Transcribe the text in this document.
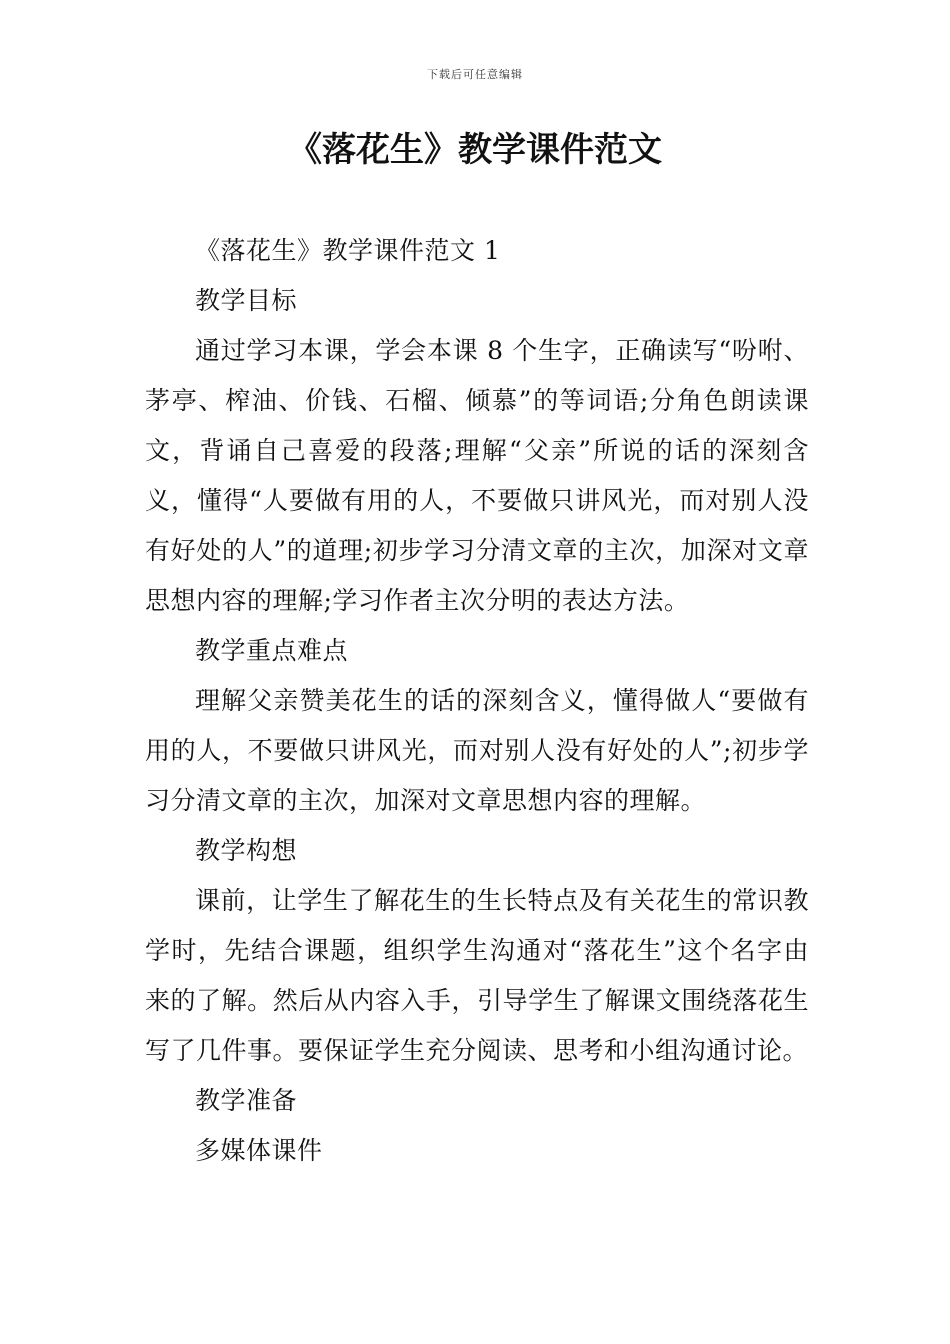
下载后可任意编辑
《落花生》教学课件范文

《落花生》教学课件范文 1

教学目标

通过学习本课，学会本课 8 个生字，正确读写“吩咐、茅亭、榨油、价钱、石榴、倾慕”的等词语;分角色朗读课文，背诵自己喜爱的段落;理解“父亲”所说的话的深刻含义，懂得“人要做有用的人，不要做只讲风光，而对别人没有好处的人”的道理;初步学习分清文章的主次，加深对文章思想内容的理解;学习作者主次分明的表达方法。

教学重点难点

理解父亲赞美花生的话的深刻含义，懂得做人“要做有用的人，不要做只讲风光，而对别人没有好处的人”;初步学习分清文章的主次，加深对文章思想内容的理解。

教学构想

课前，让学生了解花生的生长特点及有关花生的常识教学时，先结合课题，组织学生沟通对“落花生”这个名字由来的了解。然后从内容入手，引导学生了解课文围绕落花生写了几件事。要保证学生充分阅读、思考和小组沟通讨论。

教学准备

多媒体课件
